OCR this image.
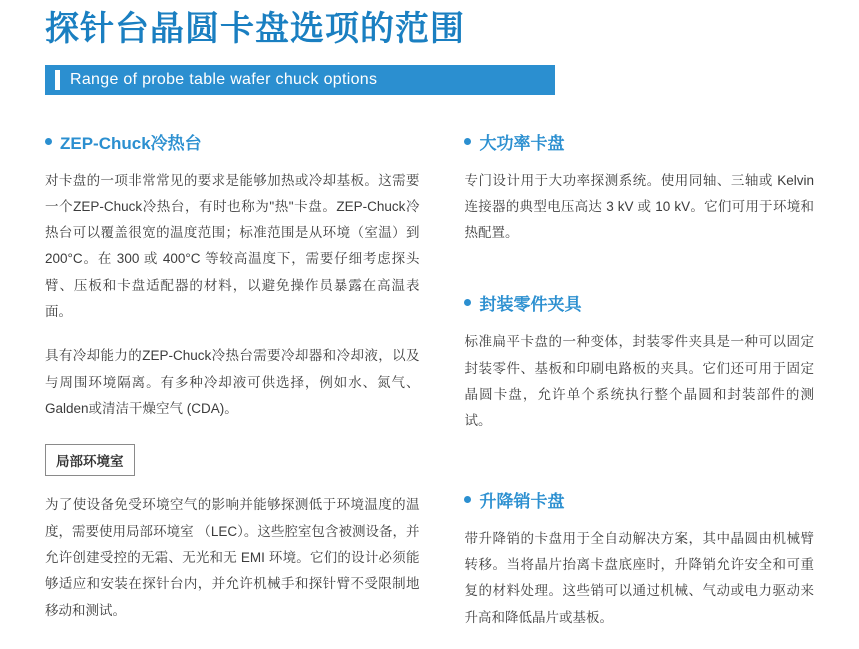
探针台晶圆卡盘选项的范围
Range of probe table wafer chuck options
ZEP-Chuck冷热台

对卡盘的一项非常常见的要求是能够加热或冷却基板。这需要一个ZEP-Chuck冷热台，有时也称为"热"卡盘。ZEP-Chuck冷热台可以覆盖很宽的温度范围；标准范围是从环境（室温）到200°C。在 300 或 400°C 等较高温度下，需要仔细考虑探头臂、压板和卡盘适配器的材料，以避免操作员暴露在高温表面。

具有冷却能力的ZEP-Chuck冷热台需要冷却器和冷却液，以及与周围环境隔离。有多种冷却液可供选择，例如水、氮气、Galden或清洁干燥空气 (CDA)。

局部环境室

为了使设备免受环境空气的影响并能够探测低于环境温度的温度，需要使用局部环境室 （LEC）。这些腔室包含被测设备，并允许创建受控的无霜、无光和无 EMI 环境。它们的设计必须能够适应和安装在探针台内，并允许机械手和探针臂不受限制地移动和测试。

大功率卡盘

专门设计用于大功率探测系统。使用同轴、三轴或 Kelvin 连接器的典型电压高达 3 kV 或 10 kV。它们可用于环境和热配置。

封装零件夹具

标准扁平卡盘的一种变体，封装零件夹具是一种可以固定封装零件、基板和印刷电路板的夹具。它们还可用于固定晶圆卡盘，允许单个系统执行整个晶圆和封装部件的测试。

升降销卡盘

带升降销的卡盘用于全自动解决方案，其中晶圆由机械臂转移。当将晶片抬离卡盘底座时，升降销允许安全和可重复的材料处理。这些销可以通过机械、气动或电力驱动来升高和降低晶片或基板。
